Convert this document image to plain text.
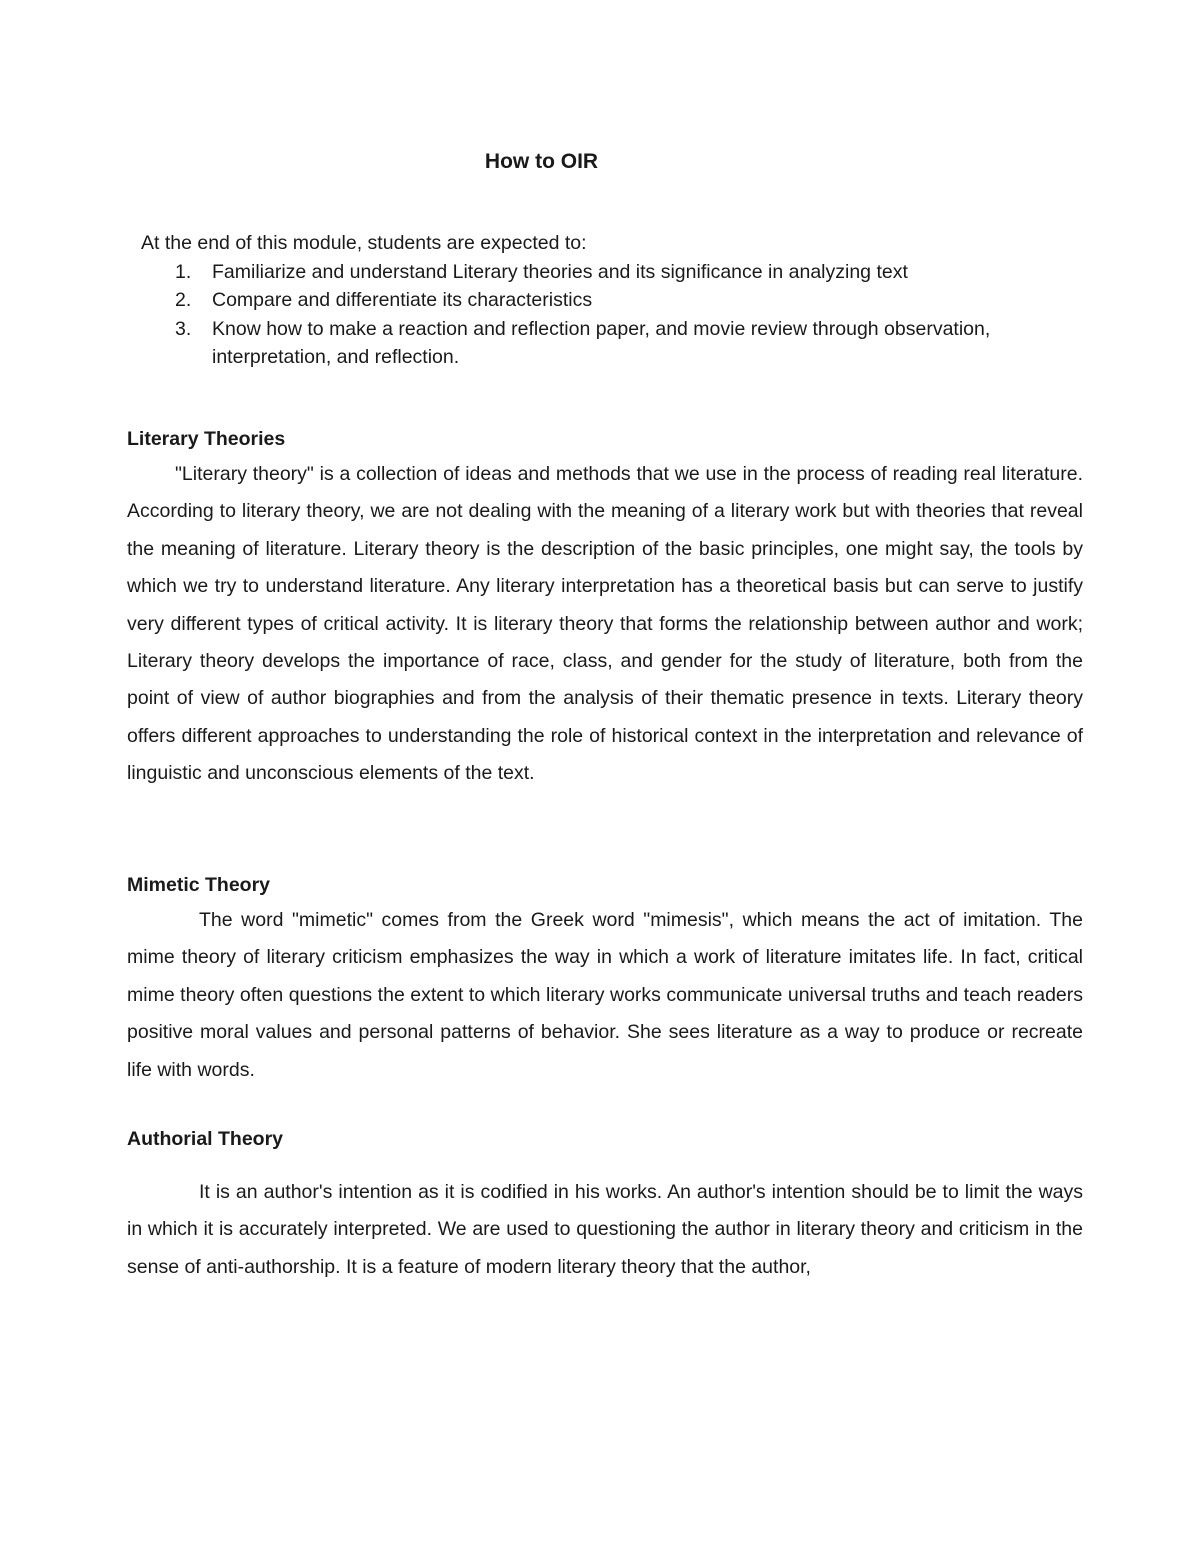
How to OIR

At the end of this module, students are expected to:

1. Familiarize and understand Literary theories and its significance in analyzing text
2. Compare and differentiate its characteristics
3. Know how to make a reaction and reflection paper, and movie review through observation, interpretation, and reflection.
Literary Theories

"Literary theory" is a collection of ideas and methods that we use in the process of reading real literature. According to literary theory, we are not dealing with the meaning of a literary work but with theories that reveal the meaning of literature. Literary theory is the description of the basic principles, one might say, the tools by which we try to understand literature. Any literary interpretation has a theoretical basis but can serve to justify very different types of critical activity. It is literary theory that forms the relationship between author and work; Literary theory develops the importance of race, class, and gender for the study of literature, both from the point of view of author biographies and from the analysis of their thematic presence in texts. Literary theory offers different approaches to understanding the role of historical context in the interpretation and relevance of linguistic and unconscious elements of the text.

Mimetic Theory

The word "mimetic" comes from the Greek word "mimesis", which means the act of imitation. The mime theory of literary criticism emphasizes the way in which a work of literature imitates life. In fact, critical mime theory often questions the extent to which literary works communicate universal truths and teach readers positive moral values and personal patterns of behavior. She sees literature as a way to produce or recreate life with words.

Authorial Theory

It is an author's intention as it is codified in his works. An author's intention should be to limit the ways in which it is accurately interpreted. We are used to questioning the author in literary theory and criticism in the sense of anti-authorship. It is a feature of modern literary theory that the author,
